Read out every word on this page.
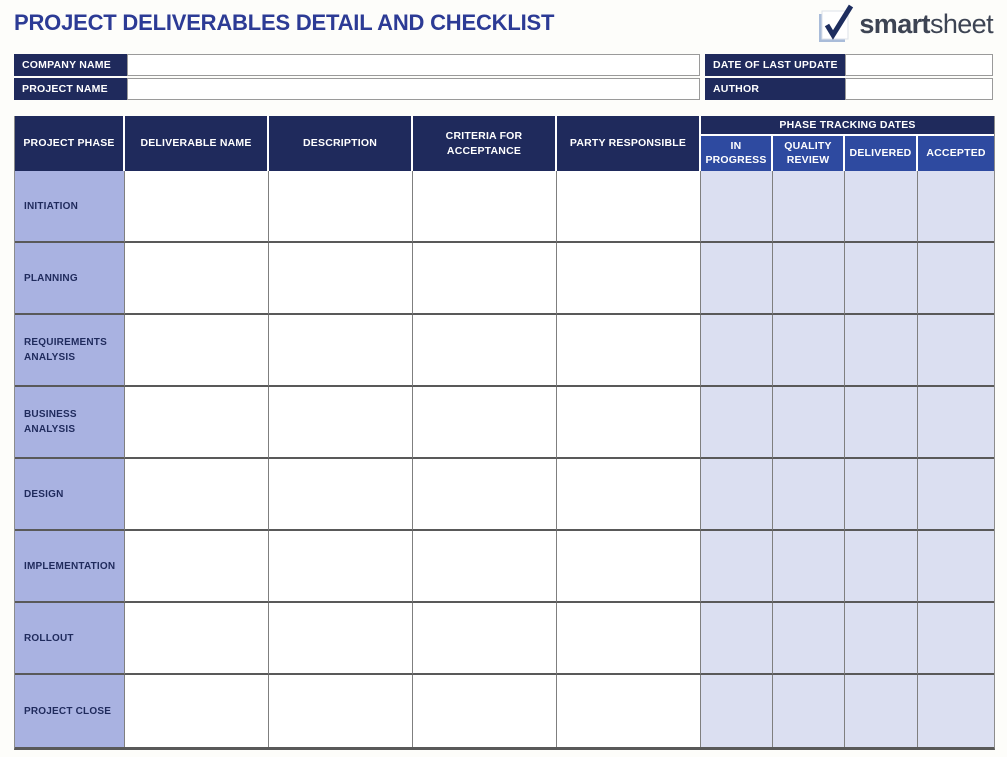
PROJECT DELIVERABLES DETAIL AND CHECKLIST	smartsheet
COMPANY NAME	DATE OF LAST UPDATE
PROJECT NAME	AUTHOR
PROJECT PHASE	DELIVERABLE NAME	DESCRIPTION	CRITERIA FOR ACCEPTANCE	PARTY RESPONSIBLE	PHASE TRACKING DATES			
					IN PROGRESS	QUALITY REVIEW	DELIVERED	ACCEPTED
INITIATION								
PLANNING								
REQUIREMENTS ANALYSIS								
BUSINESS ANALYSIS								
DESIGN								
IMPLEMENTATION								
ROLLOUT								
PROJECT CLOSE								
